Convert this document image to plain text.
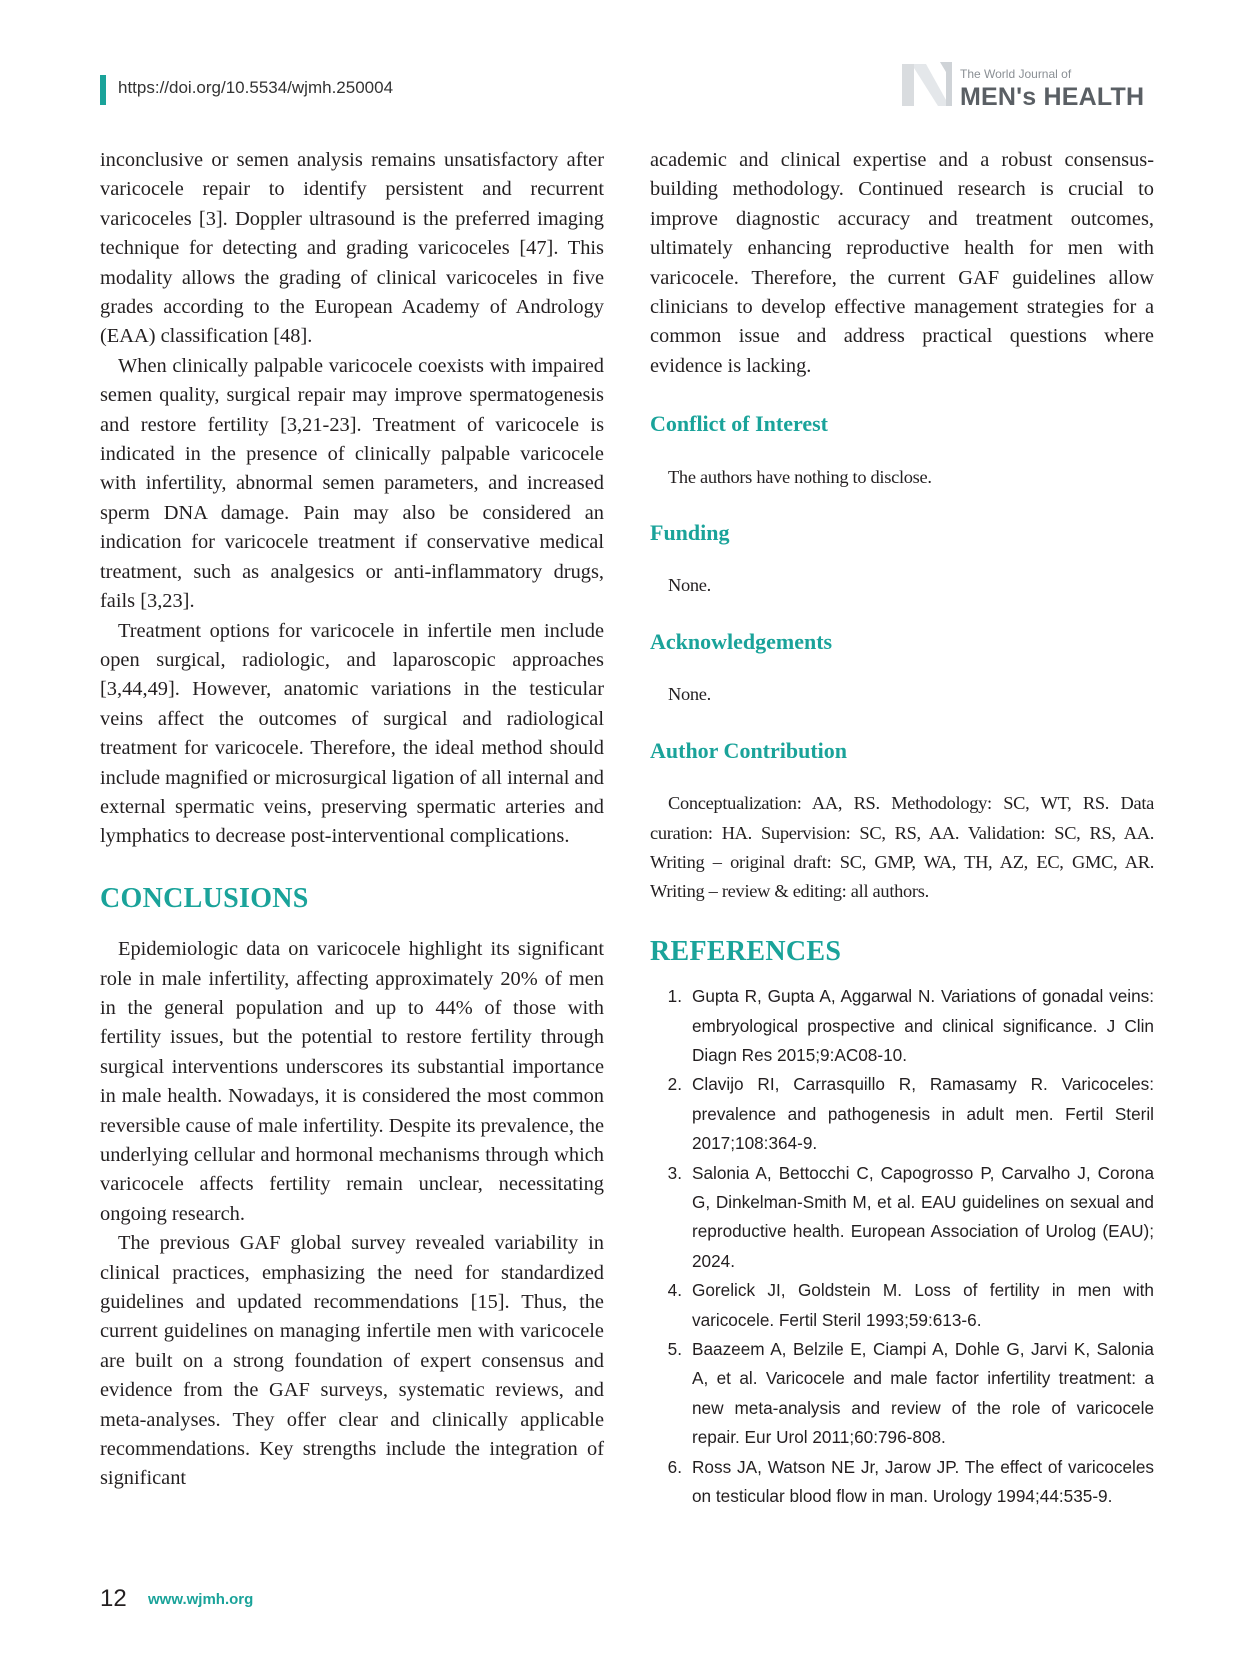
https://doi.org/10.5534/wjmh.250004
The World Journal of
MEN's HEALTH

inconclusive or semen analysis remains unsatisfactory after varicocele repair to identify persistent and recurrent varicoceles [3]. Doppler ultrasound is the preferred imaging technique for detecting and grading varicoceles [47]. This modality allows the grading of clinical varicoceles in five grades according to the European Academy of Andrology (EAA) classification [48].

When clinically palpable varicocele coexists with impaired semen quality, surgical repair may improve spermatogenesis and restore fertility [3,21-23]. Treatment of varicocele is indicated in the presence of clinically palpable varicocele with infertility, abnormal semen parameters, and increased sperm DNA damage. Pain may also be considered an indication for varicocele treatment if conservative medical treatment, such as analgesics or anti-inflammatory drugs, fails [3,23].

Treatment options for varicocele in infertile men include open surgical, radiologic, and laparoscopic approaches [3,44,49]. However, anatomic variations in the testicular veins affect the outcomes of surgical and radiological treatment for varicocele. Therefore, the ideal method should include magnified or microsurgical ligation of all internal and external spermatic veins, preserving spermatic arteries and lymphatics to decrease post-interventional complications.

CONCLUSIONS

Epidemiologic data on varicocele highlight its significant role in male infertility, affecting approximately 20% of men in the general population and up to 44% of those with fertility issues, but the potential to restore fertility through surgical interventions underscores its substantial importance in male health. Nowadays, it is considered the most common reversible cause of male infertility. Despite its prevalence, the underlying cellular and hormonal mechanisms through which varicocele affects fertility remain unclear, necessitating ongoing research.

The previous GAF global survey revealed variability in clinical practices, emphasizing the need for standardized guidelines and updated recommendations [15]. Thus, the current guidelines on managing infertile men with varicocele are built on a strong foundation of expert consensus and evidence from the GAF surveys, systematic reviews, and meta-analyses. They offer clear and clinically applicable recommendations. Key strengths include the integration of significant

academic and clinical expertise and a robust consensus-building methodology. Continued research is crucial to improve diagnostic accuracy and treatment outcomes, ultimately enhancing reproductive health for men with varicocele. Therefore, the current GAF guidelines allow clinicians to develop effective management strategies for a common issue and address practical questions where evidence is lacking.

Conflict of Interest

The authors have nothing to disclose.

Funding

None.

Acknowledgements

None.

Author Contribution

Conceptualization: AA, RS. Methodology: SC, WT, RS. Data curation: HA. Supervision: SC, RS, AA. Validation: SC, RS, AA. Writing – original draft: SC, GMP, WA, TH, AZ, EC, GMC, AR. Writing – review & editing: all authors.

REFERENCES
1. Gupta R, Gupta A, Aggarwal N. Variations of gonadal veins: embryological prospective and clinical significance. J Clin Diagn Res 2015;9:AC08-10.
2. Clavijo RI, Carrasquillo R, Ramasamy R. Varicoceles: prevalence and pathogenesis in adult men. Fertil Steril 2017;108:364-9.
3. Salonia A, Bettocchi C, Capogrosso P, Carvalho J, Corona G, Dinkelman-Smith M, et al. EAU guidelines on sexual and reproductive health. European Association of Urolog (EAU); 2024.
4. Gorelick JI, Goldstein M. Loss of fertility in men with varicocele. Fertil Steril 1993;59:613-6.
5. Baazeem A, Belzile E, Ciampi A, Dohle G, Jarvi K, Salonia A, et al. Varicocele and male factor infertility treatment: a new meta-analysis and review of the role of varicocele repair. Eur Urol 2011;60:796-808.
6. Ross JA, Watson NE Jr, Jarow JP. The effect of varicoceles on testicular blood flow in man. Urology 1994;44:535-9.
12 www.wjmh.org
